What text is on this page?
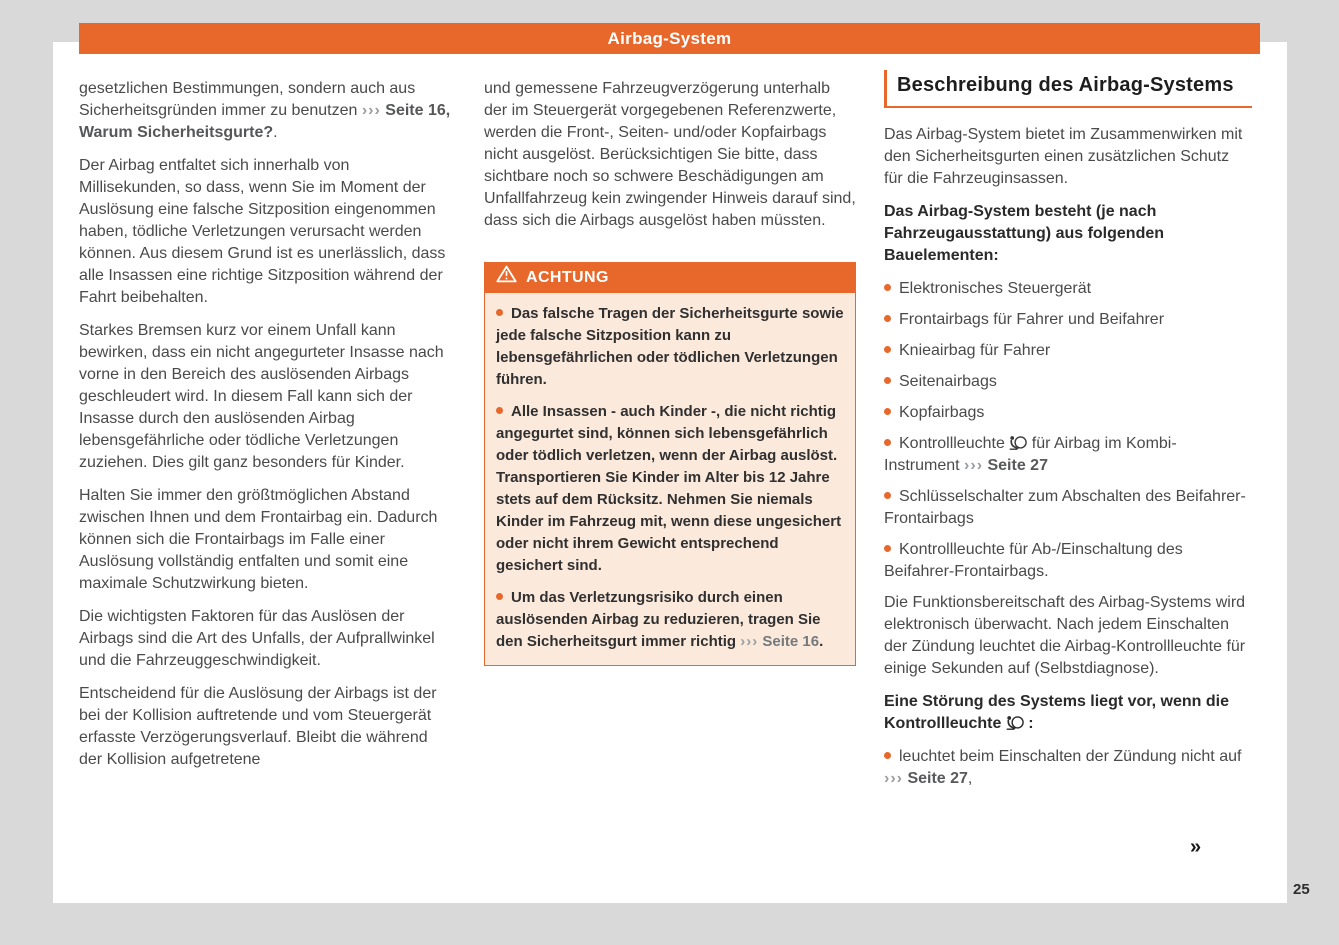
Airbag-System

gesetzlichen Bestimmungen, sondern auch aus Sicherheitsgründen immer zu benutzen ››› Seite 16, Warum Sicherheitsgurte?.

Der Airbag entfaltet sich innerhalb von Millisekunden, so dass, wenn Sie im Moment der Auslösung eine falsche Sitzposition eingenommen haben, tödliche Verletzungen verursacht werden können. Aus diesem Grund ist es unerlässlich, dass alle Insassen eine richtige Sitzposition während der Fahrt beibehalten.

Starkes Bremsen kurz vor einem Unfall kann bewirken, dass ein nicht angegurteter Insasse nach vorne in den Bereich des auslösenden Airbags geschleudert wird. In diesem Fall kann sich der Insasse durch den auslösenden Airbag lebensgefährliche oder tödliche Verletzungen zuziehen. Dies gilt ganz besonders für Kinder.

Halten Sie immer den größtmöglichen Abstand zwischen Ihnen und dem Frontairbag ein. Dadurch können sich die Frontairbags im Falle einer Auslösung vollständig entfalten und somit eine maximale Schutzwirkung bieten.

Die wichtigsten Faktoren für das Auslösen der Airbags sind die Art des Unfalls, der Aufprallwinkel und die Fahrzeuggeschwindigkeit.

Entscheidend für die Auslösung der Airbags ist der bei der Kollision auftretende und vom Steuergerät erfasste Verzögerungsverlauf. Bleibt die während der Kollision aufgetretene

und gemessene Fahrzeugverzögerung unterhalb der im Steuergerät vorgegebenen Referenzwerte, werden die Front-, Seiten- und/oder Kopfairbags nicht ausgelöst. Berücksichtigen Sie bitte, dass sichtbare noch so schwere Beschädigungen am Unfallfahrzeug kein zwingender Hinweis darauf sind, dass sich die Airbags ausgelöst haben müssten.

ACHTUNG

Das falsche Tragen der Sicherheitsgurte sowie jede falsche Sitzposition kann zu lebensgefährlichen oder tödlichen Verletzungen führen.

Alle Insassen - auch Kinder -, die nicht richtig angegurtet sind, können sich lebensgefährlich oder tödlich verletzen, wenn der Airbag auslöst. Transportieren Sie Kinder im Alter bis 12 Jahre stets auf dem Rücksitz. Nehmen Sie niemals Kinder im Fahrzeug mit, wenn diese ungesichert oder nicht ihrem Gewicht entsprechend gesichert sind.

Um das Verletzungsrisiko durch einen auslösenden Airbag zu reduzieren, tragen Sie den Sicherheitsgurt immer richtig ››› Seite 16.

Beschreibung des Airbag-Systems

Das Airbag-System bietet im Zusammenwirken mit den Sicherheitsgurten einen zusätzlichen Schutz für die Fahrzeuginsassen.

Das Airbag-System besteht (je nach Fahrzeugausstattung) aus folgenden Bauelementen:

Elektronisches Steuergerät

Frontairbags für Fahrer und Beifahrer

Knieairbag für Fahrer

Seitenairbags

Kopfairbags

Kontrollleuchte für Airbag im Kombi-Instrument ››› Seite 27

Schlüsselschalter zum Abschalten des Beifahrer-Frontairbags

Kontrollleuchte für Ab-/Einschaltung des Beifahrer-Frontairbags.

Die Funktionsbereitschaft des Airbag-Systems wird elektronisch überwacht. Nach jedem Einschalten der Zündung leuchtet die Airbag-Kontrollleuchte für einige Sekunden auf (Selbstdiagnose).

Eine Störung des Systems liegt vor, wenn die Kontrollleuchte :

leuchtet beim Einschalten der Zündung nicht auf ››› Seite 27,

»
25
